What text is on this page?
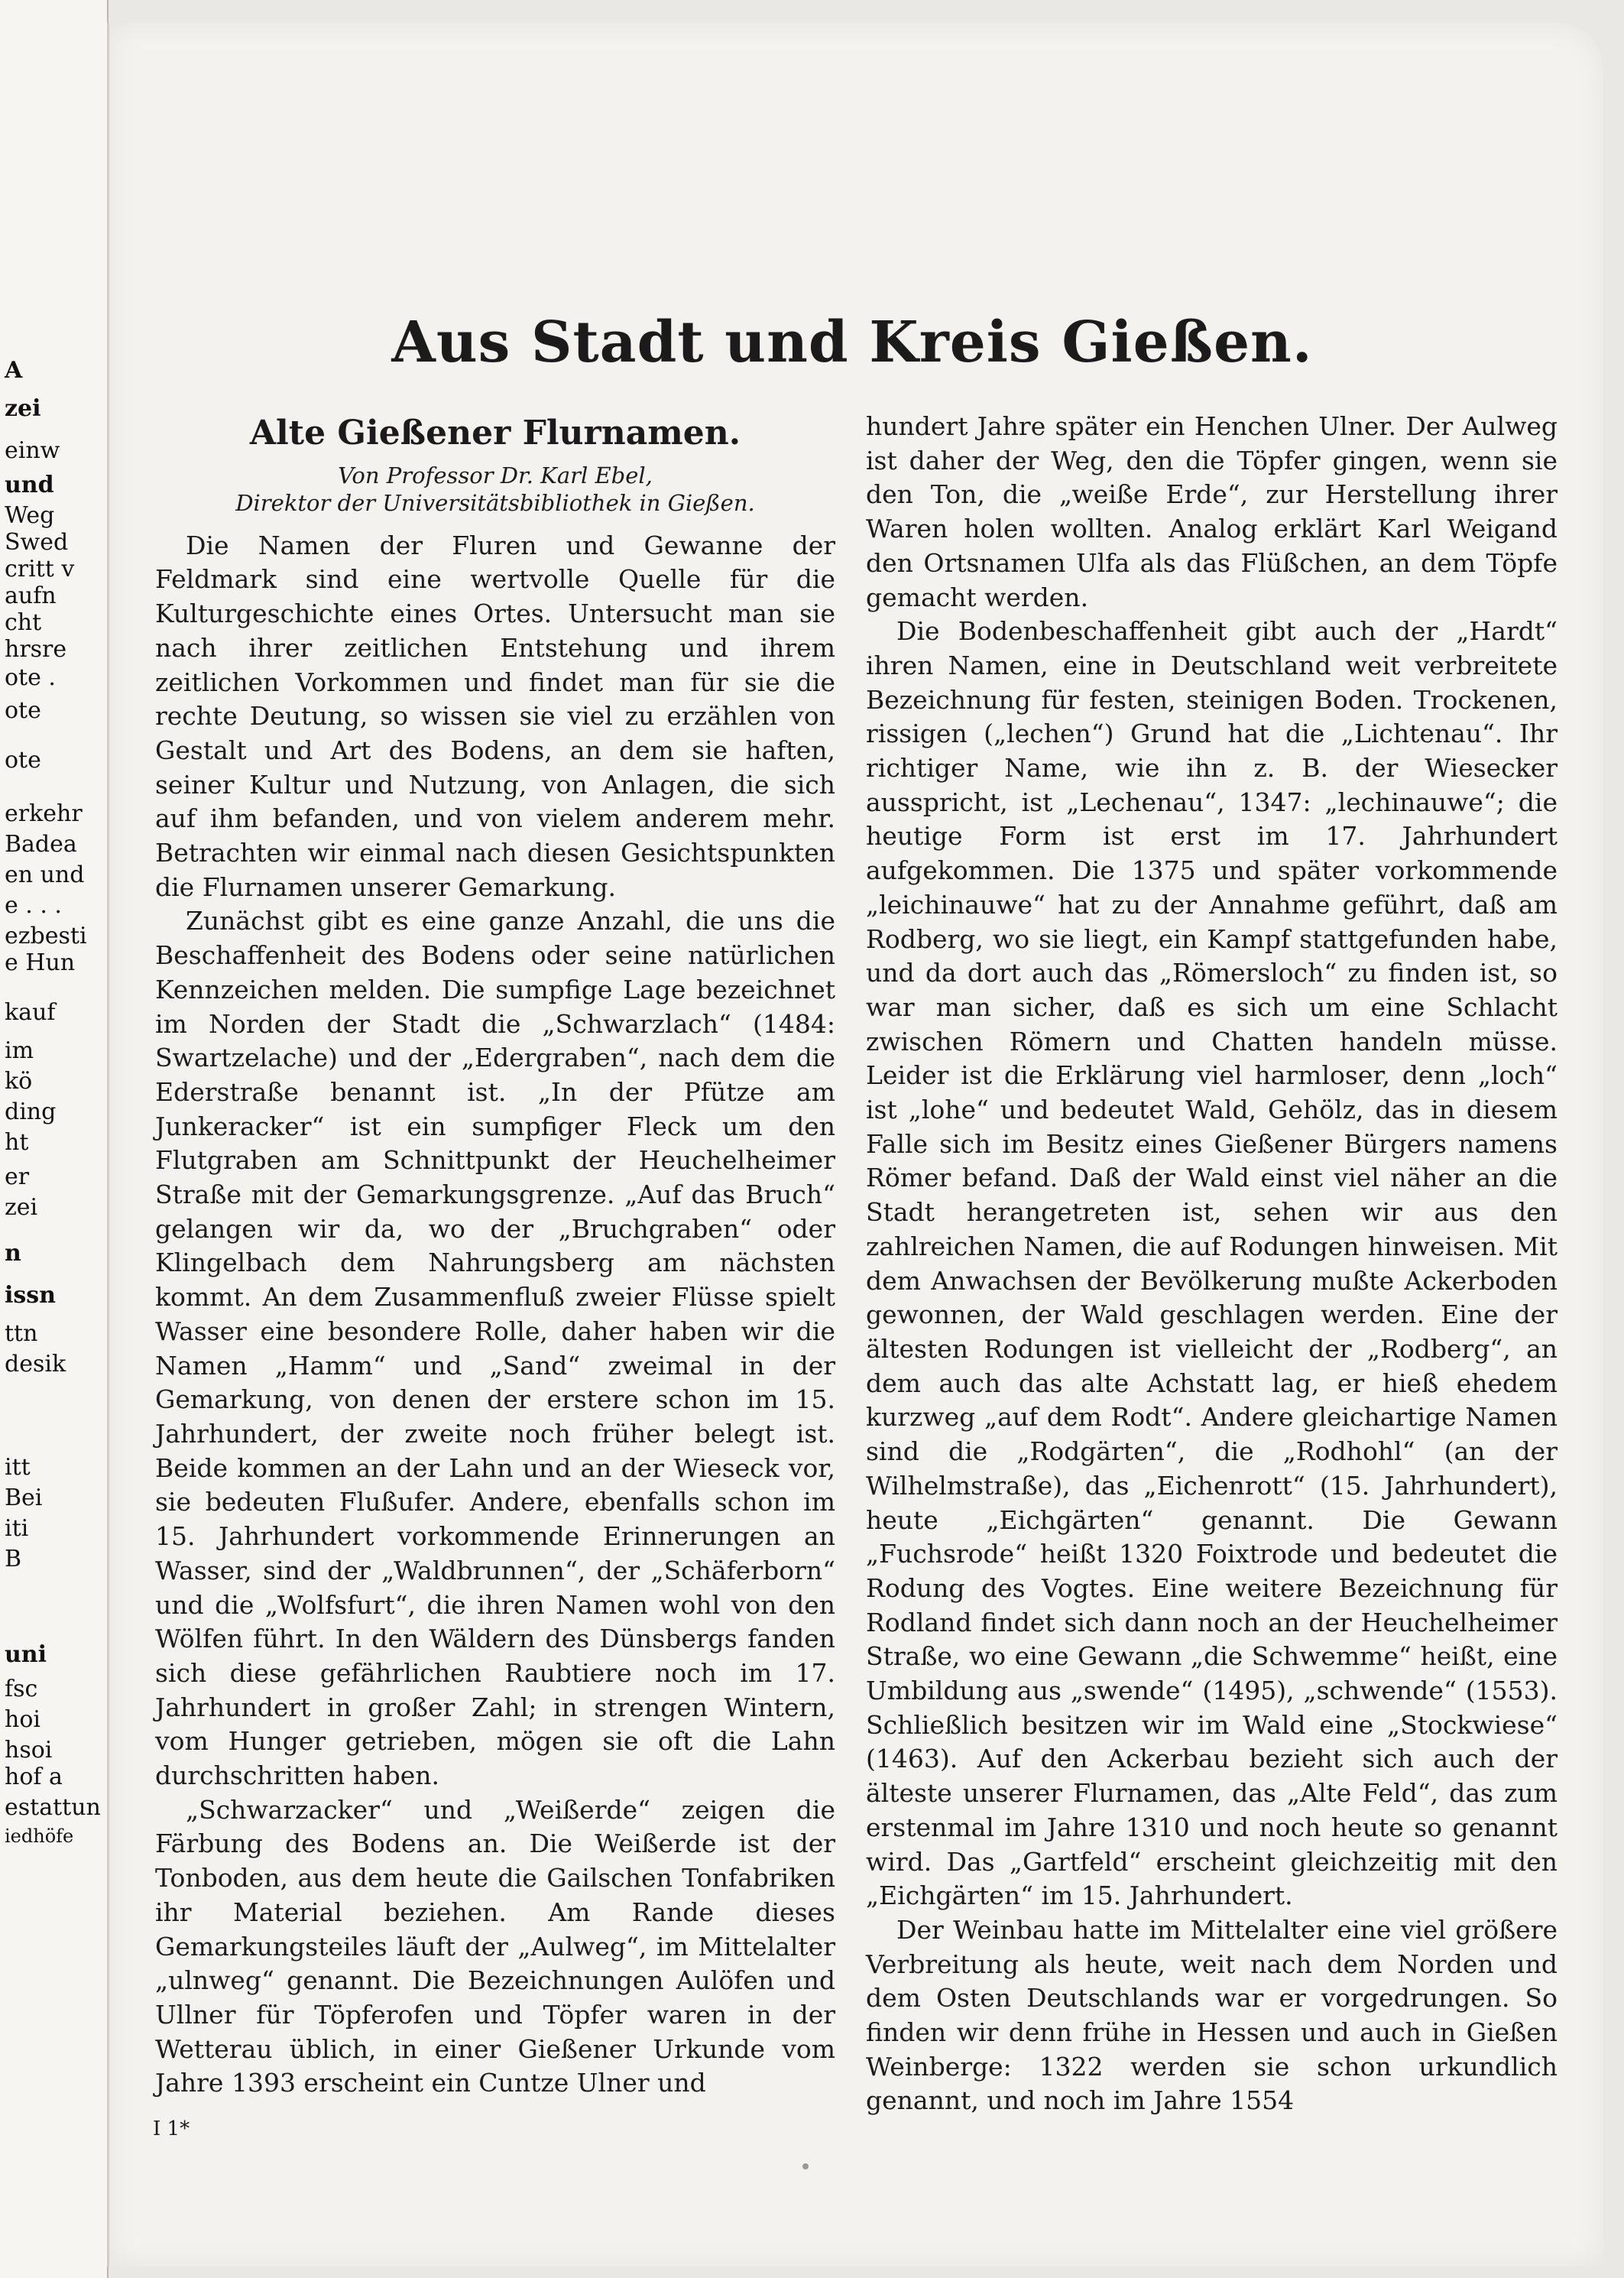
A
zei
einw
und
Weg
Swed
critt v
aufn
cht
hrsre
ote .
ote
ote
erkehr
Badea
en und
e . . .
ezbesti
e Hun
kauf
im
kö
ding
ht
er
zei
n
issn
ttn
desik
itt
Bei
iti
B
uni
fsc
hoi
hsoi
hof a
estattun
iedhöfe
Aus Stadt und Kreis Gießen.
Alte Gießener Flurnamen.
Von Professor Dr. Karl Ebel,
Direktor der Universitätsbibliothek in Gießen.

Die Namen der Fluren und Gewanne der Feldmark sind eine wertvolle Quelle für die Kulturgeschichte eines Ortes. Untersucht man sie nach ihrer zeitlichen Entstehung und ihrem zeitlichen Vorkommen und findet man für sie die rechte Deutung, so wissen sie viel zu erzählen von Gestalt und Art des Bodens, an dem sie haften, seiner Kultur und Nutzung, von Anlagen, die sich auf ihm befanden, und von vielem anderem mehr. Betrachten wir einmal nach diesen Gesichtspunkten die Flurnamen unserer Gemarkung.

Zunächst gibt es eine ganze Anzahl, die uns die Beschaffenheit des Bodens oder seine natürlichen Kennzeichen melden. Die sumpfige Lage bezeichnet im Norden der Stadt die „Schwarzlach“ (1484: Swartzelache) und der „Edergraben“, nach dem die Ederstraße benannt ist. „In der Pfütze am Junkeracker“ ist ein sumpfiger Fleck um den Flutgraben am Schnittpunkt der Heuchelheimer Straße mit der Gemarkungsgrenze. „Auf das Bruch“ gelangen wir da, wo der „Bruchgraben“ oder Klingelbach dem Nahrungsberg am nächsten kommt. An dem Zusammenfluß zweier Flüsse spielt Wasser eine besondere Rolle, daher haben wir die Namen „Hamm“ und „Sand“ zweimal in der Gemarkung, von denen der erstere schon im 15. Jahrhundert, der zweite noch früher belegt ist. Beide kommen an der Lahn und an der Wieseck vor, sie bedeuten Flußufer. Andere, ebenfalls schon im 15. Jahrhundert vorkommende Erinnerungen an Wasser, sind der „Waldbrunnen“, der „Schäferborn“ und die „Wolfsfurt“, die ihren Namen wohl von den Wölfen führt. In den Wäldern des Dünsbergs fanden sich diese gefährlichen Raubtiere noch im 17. Jahrhundert in großer Zahl; in strengen Wintern, vom Hunger getrieben, mögen sie oft die Lahn durchschritten haben.

„Schwarzacker“ und „Weißerde“ zeigen die Färbung des Bodens an. Die Weißerde ist der Tonboden, aus dem heute die Gailschen Tonfabriken ihr Material beziehen. Am Rande dieses Gemarkungsteiles läuft der „Aulweg“, im Mittelalter „ulnweg“ genannt. Die Bezeichnungen Aulöfen und Ullner für Töpferofen und Töpfer waren in der Wetterau üblich, in einer Gießener Urkunde vom Jahre 1393 erscheint ein Cuntze Ulner und

hundert Jahre später ein Henchen Ulner. Der Aulweg ist daher der Weg, den die Töpfer gingen, wenn sie den Ton, die „weiße Erde“, zur Herstellung ihrer Waren holen wollten. Analog erklärt Karl Weigand den Ortsnamen Ulfa als das Flüßchen, an dem Töpfe gemacht werden.

Die Bodenbeschaffenheit gibt auch der „Hardt“ ihren Namen, eine in Deutschland weit verbreitete Bezeichnung für festen, steinigen Boden. Trockenen, rissigen („lechen“) Grund hat die „Lichtenau“. Ihr richtiger Name, wie ihn z. B. der Wiesecker ausspricht, ist „Lechenau“, 1347: „lechinauwe“; die heutige Form ist erst im 17. Jahrhundert aufgekommen. Die 1375 und später vorkommende „leichinauwe“ hat zu der Annahme geführt, daß am Rodberg, wo sie liegt, ein Kampf stattgefunden habe, und da dort auch das „Römersloch“ zu finden ist, so war man sicher, daß es sich um eine Schlacht zwischen Römern und Chatten handeln müsse. Leider ist die Erklärung viel harmloser, denn „loch“ ist „lohe“ und bedeutet Wald, Gehölz, das in diesem Falle sich im Besitz eines Gießener Bürgers namens Römer befand. Daß der Wald einst viel näher an die Stadt herangetreten ist, sehen wir aus den zahlreichen Namen, die auf Rodungen hinweisen. Mit dem Anwachsen der Bevölkerung mußte Ackerboden gewonnen, der Wald geschlagen werden. Eine der ältesten Rodungen ist vielleicht der „Rodberg“, an dem auch das alte Achstatt lag, er hieß ehedem kurzweg „auf dem Rodt“. Andere gleichartige Namen sind die „Rodgärten“, die „Rodhohl“ (an der Wilhelmstraße), das „Eichenrott“ (15. Jahrhundert), heute „Eichgärten“ genannt. Die Gewann „Fuchsrode“ heißt 1320 Foixtrode und bedeutet die Rodung des Vogtes. Eine weitere Bezeichnung für Rodland findet sich dann noch an der Heuchelheimer Straße, wo eine Gewann „die Schwemme“ heißt, eine Umbildung aus „swende“ (1495), „schwende“ (1553). Schließlich besitzen wir im Wald eine „Stockwiese“ (1463). Auf den Ackerbau bezieht sich auch der älteste unserer Flurnamen, das „Alte Feld“, das zum erstenmal im Jahre 1310 und noch heute so genannt wird. Das „Gartfeld“ erscheint gleichzeitig mit den „Eichgärten“ im 15. Jahrhundert.

Der Weinbau hatte im Mittelalter eine viel größere Verbreitung als heute, weit nach dem Norden und dem Osten Deutschlands war er vorgedrungen. So finden wir denn frühe in Hessen und auch in Gießen Weinberge: 1322 werden sie schon urkundlich genannt, und noch im Jahre 1554

I 1*
